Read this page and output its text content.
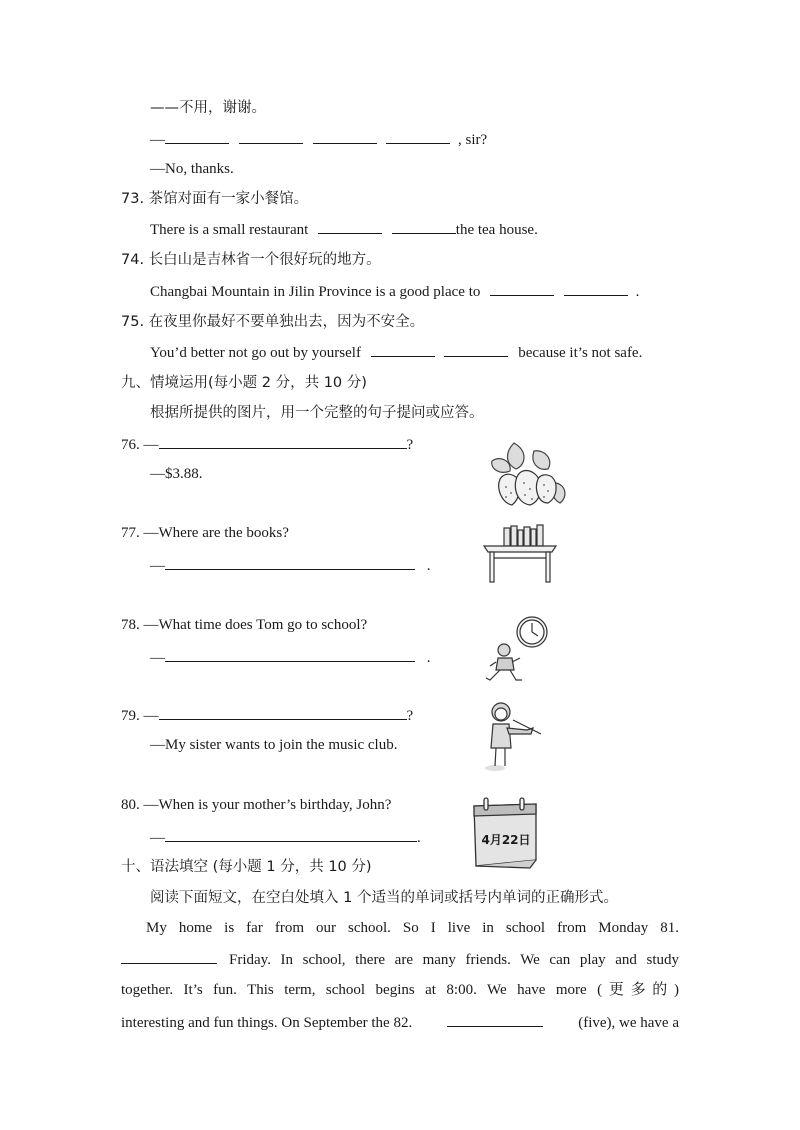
——不用，谢谢。
—	, sir?
—No, thanks.
73. 茶馆对面有一家小餐馆。
There is a small restaurant	the tea house.
74. 长白山是吉林省一个很好玩的地方。
Changbai Mountain in Jilin Province is a good place to	.
75. 在夜里你最好不要单独出去，因为不安全。
You’d better not go out by yourself	because it’s not safe.
九、情境运用(每小题 2 分，共 10 分)
根据所提供的图片，用一个完整的句子提问或应答。
76. —	?
—$3.88.
77. —Where are the books?
—	.
78. —What time does Tom go to school?
—	.
79. —	?
—My sister wants to join the music club.
80. —When is your mother’s birthday, John?
—	.
十、语法填空 (每小题 1 分，共 10 分)
阅读下面短文，在空白处填入 1 个适当的单词或括号内单词的正确形式。
My home is far from our school. So I live in school from Monday 81.
Friday. In school, there are many friends. We can play and study
together. It’s fun. This term, school begins at 8:00. We have more (更多的)
interesting and fun things. On September the 82.	(five), we have a
4月22日
